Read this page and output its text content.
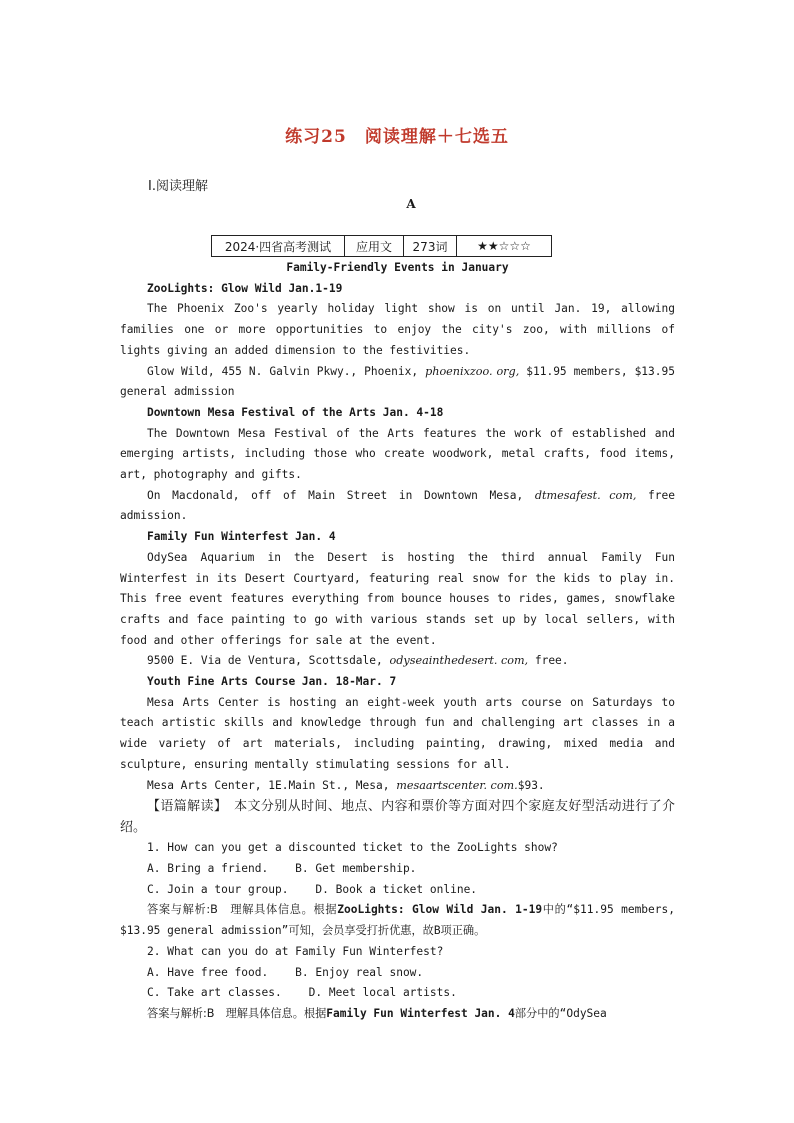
练习25　阅读理解＋七选五
Ⅰ.阅读理解
A
2024·四省高考测试	应用文	273词	★★☆☆☆

Family-Friendly Events in January

ZooLights: Glow Wild Jan.1-19

The Phoenix Zoo's yearly holiday light show is on until Jan. 19, allowing families one or more opportunities to enjoy the city's zoo, with millions of lights giving an added dimension to the festivities.

Glow Wild, 455 N. Galvin Pkwy., Phoenix, phoenixzoo. org, $11.95 members, $13.95 general admission

Downtown Mesa Festival of the Arts Jan. 4-18

The Downtown Mesa Festival of the Arts features the work of established and emerging artists, including those who create woodwork, metal crafts, food items, art, photography and gifts.

On Macdonald, off of Main Street in Downtown Mesa, dtmesafest. com, free admission.

Family Fun Winterfest Jan. 4

OdySea Aquarium in the Desert is hosting the third annual Family Fun Winterfest in its Desert Courtyard, featuring real snow for the kids to play in. This free event features everything from bounce houses to rides, games, snowflake crafts and face painting to go with various stands set up by local sellers, with food and other offerings for sale at the event.

9500 E. Via de Ventura, Scottsdale, odyseainthedesert. com, free.

Youth Fine Arts Course Jan. 18-Mar. 7

Mesa Arts Center is hosting an eight-week youth arts course on Saturdays to teach artistic skills and knowledge through fun and challenging art classes in a wide variety of art materials, including painting, drawing, mixed media and sculpture, ensuring mentally stimulating sessions for all.

Mesa Arts Center, 1E.Main St., Mesa, mesaartscenter. com.$93.

【语篇解读】　本文分别从时间、地点、内容和票价等方面对四个家庭友好型活动进行了介绍。

1. How can you get a discounted ticket to the ZooLights show?

A. Bring a friend.    B. Get membership.

C. Join a tour group.    D. Book a ticket online.

答案与解析:B　理解具体信息。根据ZooLights: Glow Wild Jan. 1-19中的“$11.95 members, $13.95 general admission”可知，会员享受打折优惠，故B项正确。

2. What can you do at Family Fun Winterfest?

A. Have free food.    B. Enjoy real snow.

C. Take art classes.    D. Meet local artists.

答案与解析:B　理解具体信息。根据Family Fun Winterfest Jan. 4部分中的“OdySea
